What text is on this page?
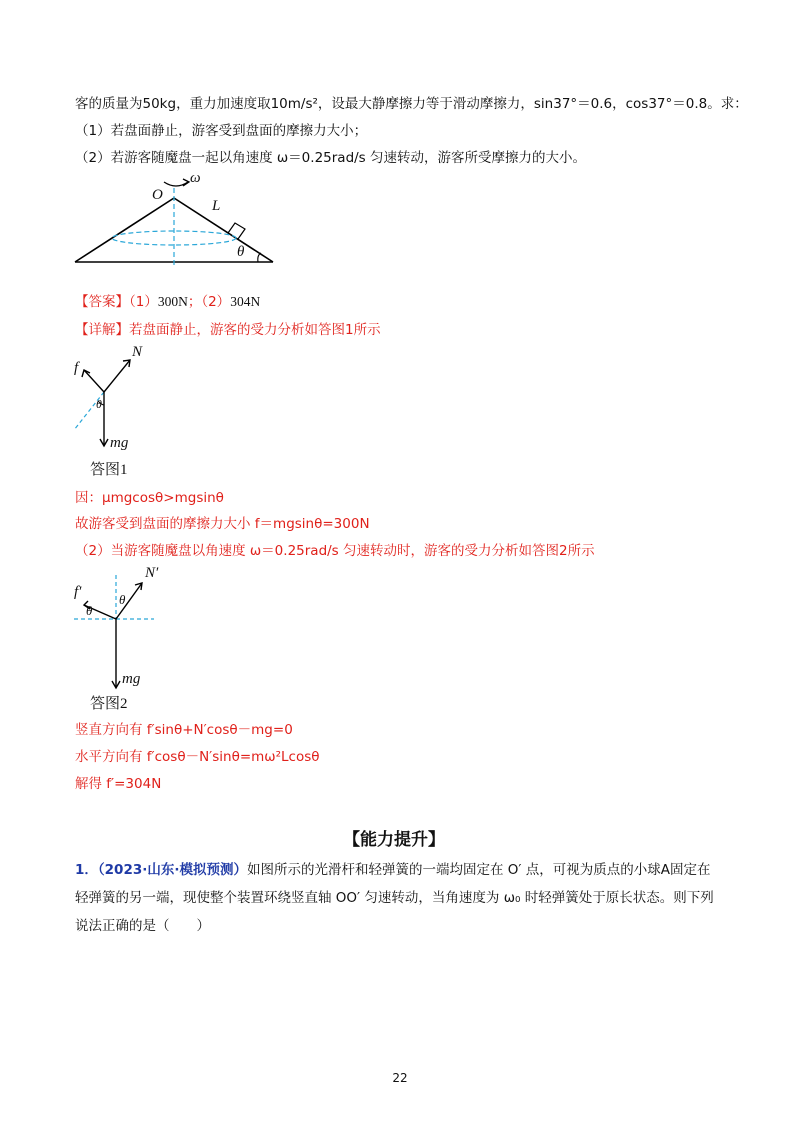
客的质量为50kg，重力加速度取10m/s²，设最大静摩擦力等于滑动摩擦力，sin37°＝0.6，cos37°＝0.8。求：
（1）若盘面静止，游客受到盘面的摩擦力大小；
（2）若游客随魔盘一起以角速度 ω＝0.25rad/s 匀速转动，游客所受摩擦力的大小。
O
ω
L
θ
【答案】（1）300N；（2）304N
【详解】若盘面静止，游客的受力分析如答图1所示
f
N
θ
mg
答图1
因：μmgcosθ>mgsinθ
故游客受到盘面的摩擦力大小 f＝mgsinθ=300N
（2）当游客随魔盘以角速度 ω＝0.25rad/s 匀速转动时，游客的受力分析如答图2所示
f′
N′
θ
θ
mg
答图2
竖直方向有 f′sinθ+N′cosθ－mg=0
水平方向有 f′cosθ－N′sinθ=mω²Lcosθ
解得 f′=304N
【能力提升】
1．（2023·山东·模拟预测）如图所示的光滑杆和轻弹簧的一端均固定在 O′ 点，可视为质点的小球A固定在
轻弹簧的另一端，现使整个装置环绕竖直轴 OO′ 匀速转动，当角速度为 ω₀ 时轻弹簧处于原长状态。则下列
说法正确的是（　　）
22
